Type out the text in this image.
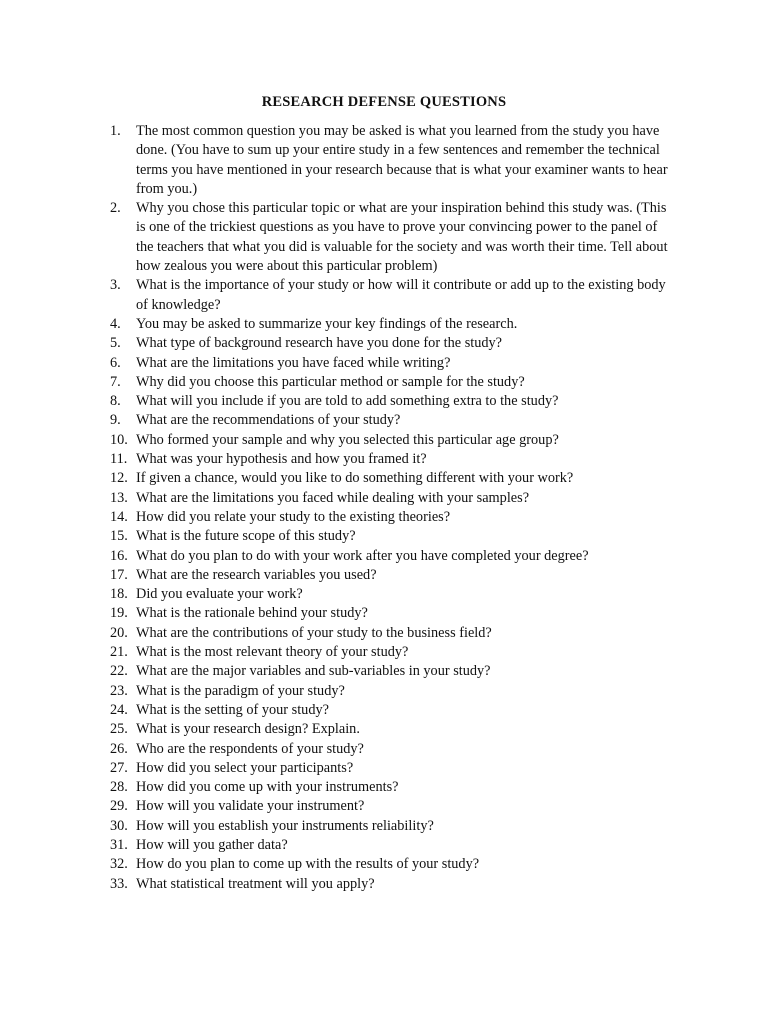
RESEARCH DEFENSE QUESTIONS
1.	The most common question you may be asked is what you learned from the study you have done. (You have to sum up your entire study in a few sentences and remember the technical terms you have mentioned in your research because that is what your examiner wants to hear from you.)
2.	Why you chose this particular topic or what are your inspiration behind this study was. (This is one of the trickiest questions as you have to prove your convincing power to the panel of the teachers that what you did is valuable for the society and was worth their time. Tell about how zealous you were about this particular problem)
3.	What is the importance of your study or how will it contribute or add up to the existing body of knowledge?
4.	You may be asked to summarize your key findings of the research.
5.	What type of background research have you done for the study?
6.	What are the limitations you have faced while writing?
7.	Why did you choose this particular method or sample for the study?
8.	What will you include if you are told to add something extra to the study?
9.	What are the recommendations of your study?
10. Who formed your sample and why you selected this particular age group?
11. What was your hypothesis and how you framed it?
12. If given a chance, would you like to do something different with your work?
13. What are the limitations you faced while dealing with your samples?
14. How did you relate your study to the existing theories?
15. What is the future scope of this study?
16. What do you plan to do with your work after you have completed your degree?
17. What are the research variables you used?
18. Did you evaluate your work?
19. What is the rationale behind your study?
20. What are the contributions of your study to the business field?
21. What is the most relevant theory of your study?
22. What are the major variables and sub-variables in your study?
23. What is the paradigm of your study?
24. What is the setting of your study?
25. What is your research design? Explain.
26. Who are the respondents of your study?
27. How did you select your participants?
28. How did you come up with your instruments?
29. How will you validate your instrument?
30. How will you establish your instruments reliability?
31. How will you gather data?
32. How do you plan to come up with the results of your study?
33. What statistical treatment will you apply?
